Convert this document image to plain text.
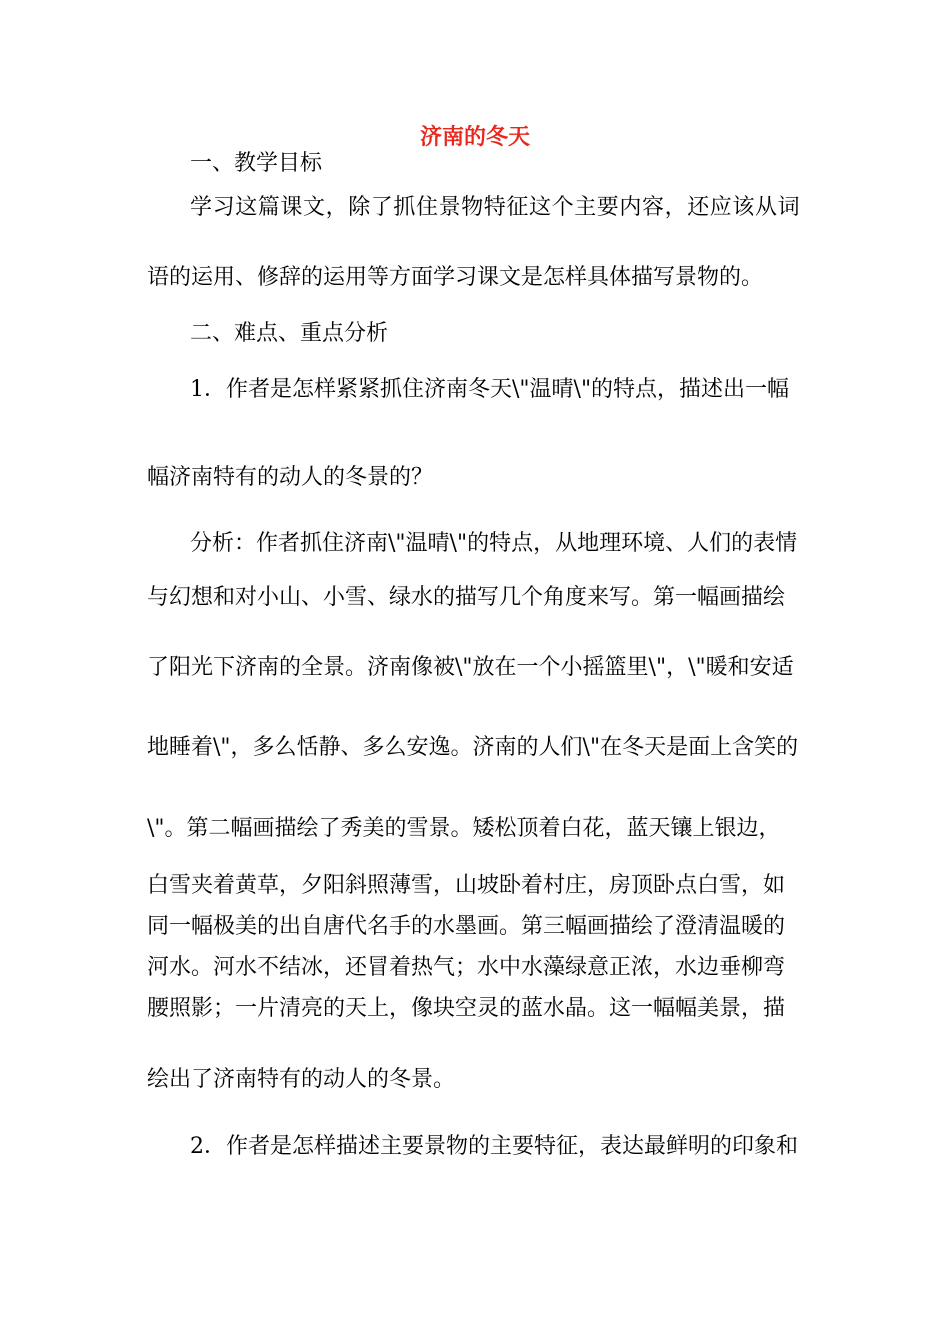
济南的冬天
一、教学目标
学习这篇课文，除了抓住景物特征这个主要内容，还应该从词
语的运用、修辞的运用等方面学习课文是怎样具体描写景物的。
二、难点、重点分析
1．作者是怎样紧紧抓住济南冬天\"温晴\"的特点，描述出一幅
幅济南特有的动人的冬景的？
分析：作者抓住济南\"温晴\"的特点，从地理环境、人们的表情
与幻想和对小山、小雪、绿水的描写几个角度来写。第一幅画描绘
了阳光下济南的全景。济南像被\"放在一个小摇篮里\"，\"暖和安适
地睡着\"，多么恬静、多么安逸。济南的人们\"在冬天是面上含笑的
\"。第二幅画描绘了秀美的雪景。矮松顶着白花，蓝天镶上银边，
白雪夹着黄草，夕阳斜照薄雪，山坡卧着村庄，房顶卧点白雪，如
同一幅极美的出自唐代名手的水墨画。第三幅画描绘了澄清温暖的
河水。河水不结冰，还冒着热气；水中水藻绿意正浓，水边垂柳弯
腰照影；一片清亮的天上，像块空灵的蓝水晶。这一幅幅美景，描
绘出了济南特有的动人的冬景。
2．作者是怎样描述主要景物的主要特征，表达最鲜明的印象和
